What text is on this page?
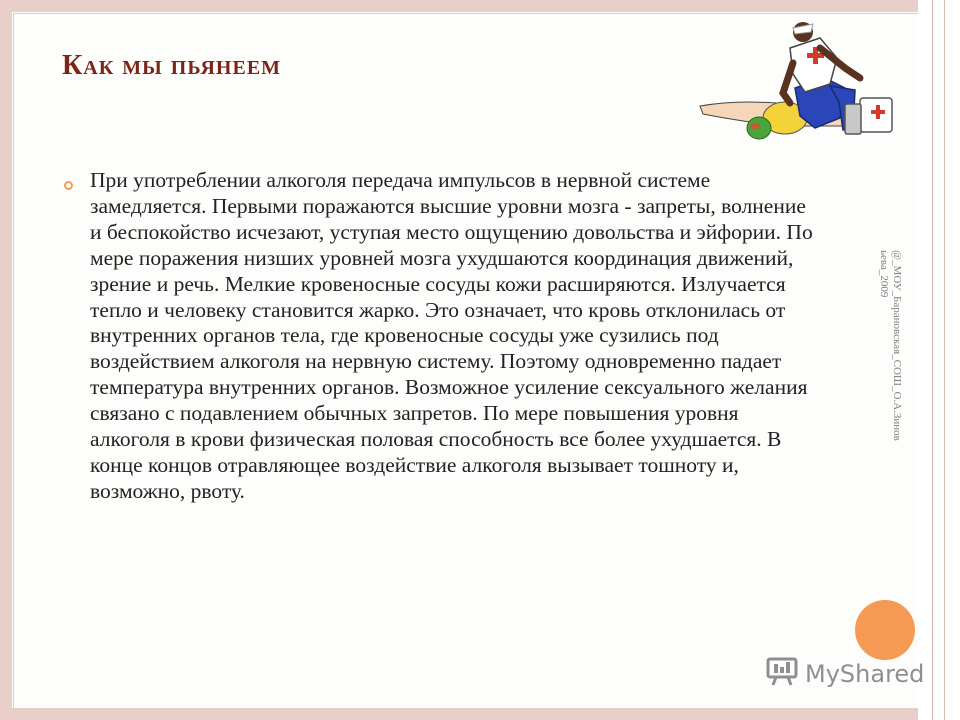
Как мы пьянеем

При употреблении алкоголя передача импульсов в нервной системе замедляется. Первыми поражаются высшие уровни мозга - запреты, волнение и беспокойство исчезают, уступая место ощущению довольства и эйфории. По мере поражения низших уровней мозга ухудшаются координация движений, зрение и речь. Мелкие кровеносные сосуды кожи расширяются. Излучается тепло и человеку становится жарко. Это означает, что кровь отклонилась от внутренних органов тела, где кровеносные сосуды уже сузились под воздействием алкоголя на нервную систему. Поэтому одновременно падает температура внутренних органов. Возможное усиление сексуального желания связано с подавлением обычных запретов. По мере повышения уровня алкоголя в крови физическая половая способность все более ухудшается. В конце концов отравляющее воздействие алкоголя вызывает тошноту и, возможно, рвоту.

@_МОУ_Барановская_СОШ_О.А.Зинов
ьева_2009
MyShared
